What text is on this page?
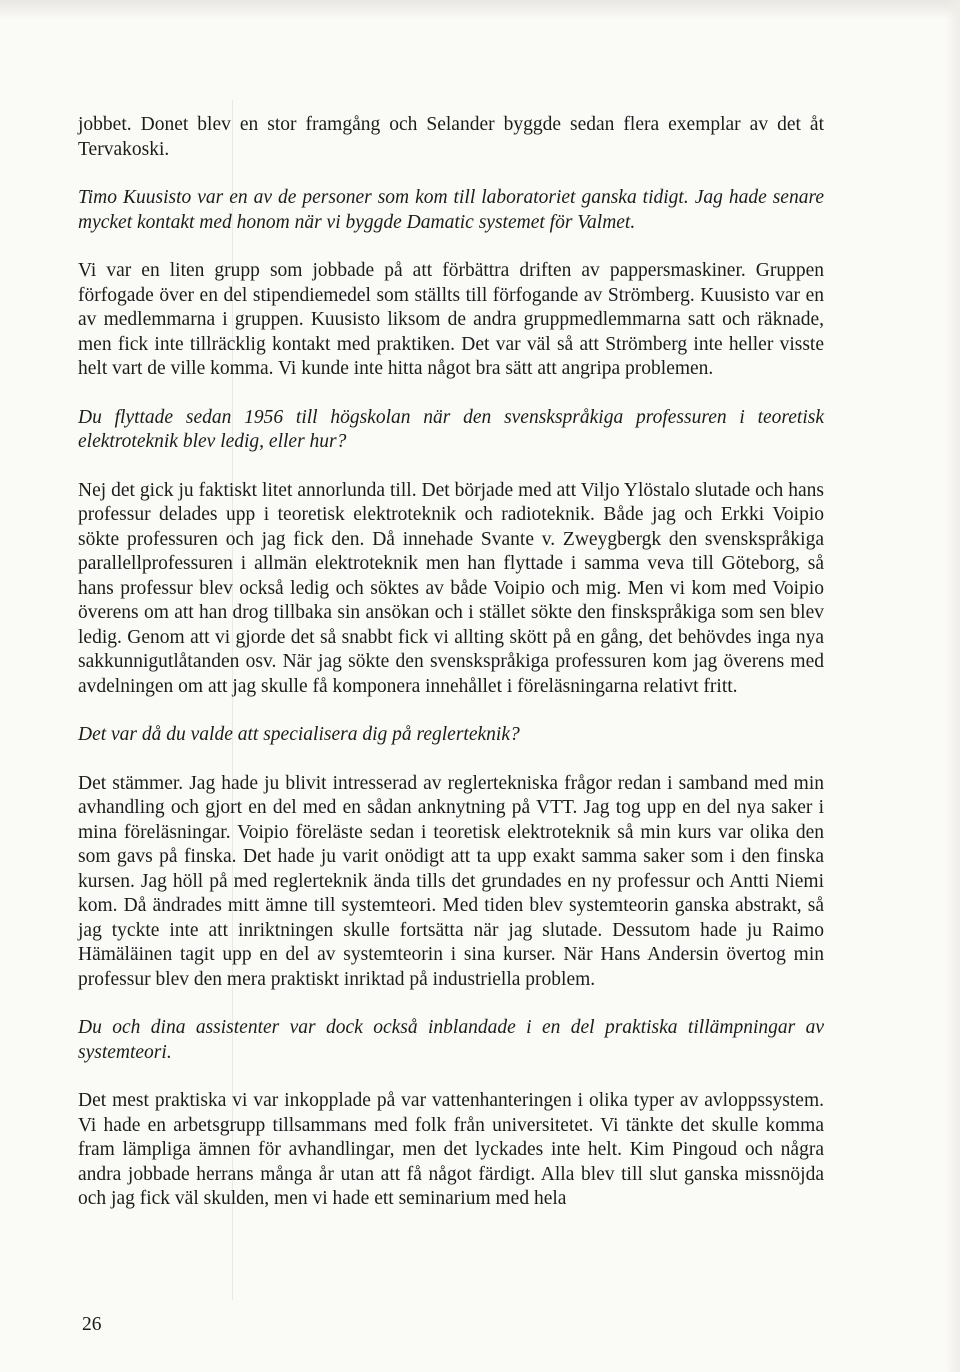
jobbet. Donet blev en stor framgång och Selander byggde sedan flera exemplar av det åt Tervakoski.

Timo Kuusisto var en av de personer som kom till laboratoriet ganska tidigt. Jag hade senare mycket kontakt med honom när vi byggde Damatic systemet för Valmet.

Vi var en liten grupp som jobbade på att förbättra driften av pappersmaskiner. Gruppen förfogade över en del stipendiemedel som ställts till förfogande av Strömberg. Kuusisto var en av medlemmarna i gruppen. Kuusisto liksom de andra gruppmedlemmarna satt och räknade, men fick inte tillräcklig kontakt med praktiken. Det var väl så att Strömberg inte heller visste helt vart de ville komma. Vi kunde inte hitta något bra sätt att angripa problemen.

Du flyttade sedan 1956 till högskolan när den svenskspråkiga professuren i teoretisk elektroteknik blev ledig, eller hur?

Nej det gick ju faktiskt litet annorlunda till. Det började med att Viljo Ylöstalo slutade och hans professur delades upp i teoretisk elektroteknik och radioteknik. Både jag och Erkki Voipio sökte professuren och jag fick den. Då innehade Svante v. Zweygbergk den svenskspråkiga parallellprofessuren i allmän elektroteknik men han flyttade i samma veva till Göteborg, så hans professur blev också ledig och söktes av både Voipio och mig. Men vi kom med Voipio överens om att han drog tillbaka sin ansökan och i stället sökte den finskspråkiga som sen blev ledig. Genom att vi gjorde det så snabbt fick vi allting skött på en gång, det behövdes inga nya sakkunnigutlåtanden osv. När jag sökte den svenskspråkiga professuren kom jag överens med avdelningen om att jag skulle få komponera innehållet i föreläsningarna relativt fritt.

Det var då du valde att specialisera dig på reglerteknik?

Det stämmer. Jag hade ju blivit intresserad av reglertekniska frågor redan i samband med min avhandling och gjort en del med en sådan anknytning på VTT. Jag tog upp en del nya saker i mina föreläsningar. Voipio föreläste sedan i teoretisk elektroteknik så min kurs var olika den som gavs på finska. Det hade ju varit onödigt att ta upp exakt samma saker som i den finska kursen. Jag höll på med reglerteknik ända tills det grundades en ny professur och Antti Niemi kom. Då ändrades mitt ämne till systemteori. Med tiden blev systemteorin ganska abstrakt, så jag tyckte inte att inriktningen skulle fortsätta när jag slutade. Dessutom hade ju Raimo Hämäläinen tagit upp en del av systemteorin i sina kurser. När Hans Andersin övertog min professur blev den mera praktiskt inriktad på industriella problem.

Du och dina assistenter var dock också inblandade i en del praktiska tillämpningar av systemteori.

Det mest praktiska vi var inkopplade på var vattenhanteringen i olika typer av avloppssystem. Vi hade en arbetsgrupp tillsammans med folk från universitetet. Vi tänkte det skulle komma fram lämpliga ämnen för avhandlingar, men det lyckades inte helt. Kim Pingoud och några andra jobbade herrans många år utan att få något färdigt. Alla blev till slut ganska missnöjda och jag fick väl skulden, men vi hade ett seminarium med hela

26
